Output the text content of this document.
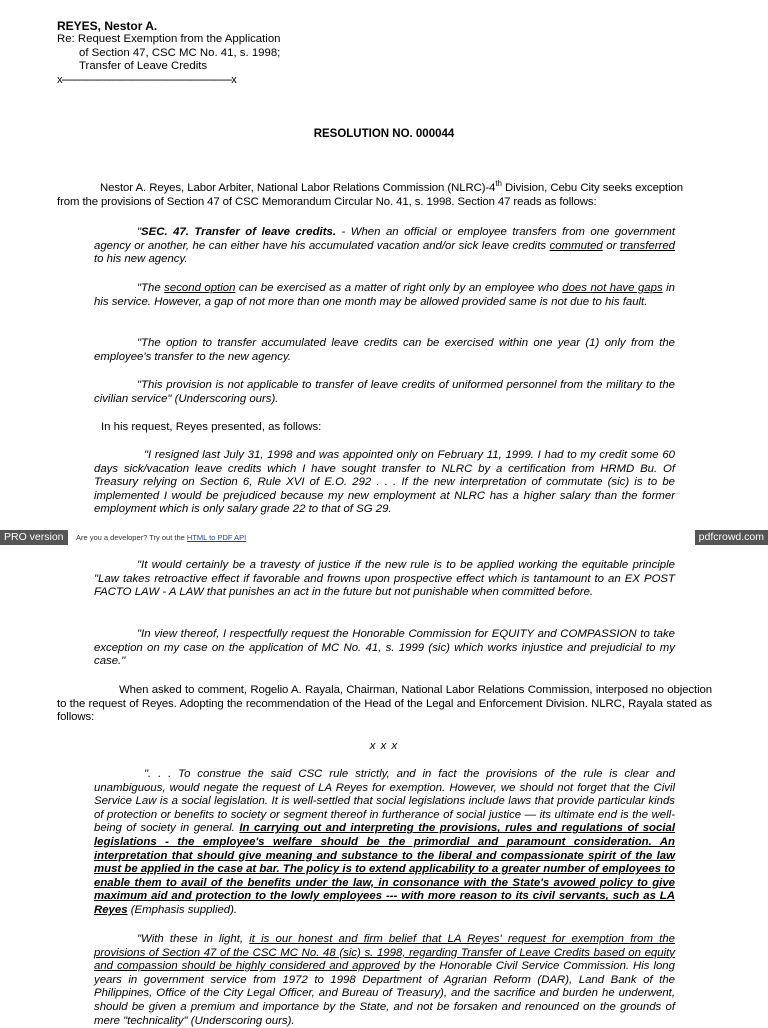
REYES, Nestor A.
Re: Request Exemption from the Application
of Section 47, CSC MC No. 41, s. 1998;
Transfer of Leave Credits
x-----------------------------------------------------------------x
RESOLUTION NO. 000044
Nestor A. Reyes, Labor Arbiter, National Labor Relations Commission (NLRC)-4th Division, Cebu City seeks exception from the provisions of Section 47 of CSC Memorandum Circular No. 41, s. 1998. Section 47 reads as follows:
"SEC. 47. Transfer of leave credits. - When an official or employee transfers from one government agency or another, he can either have his accumulated vacation and/or sick leave credits commuted or transferred to his new agency.
"The second option can be exercised as a matter of right only by an employee who does not have gaps in his service. However, a gap of not more than one month may be allowed provided same is not due to his fault.
"The option to transfer accumulated leave credits can be exercised within one year (1) only from the employee's transfer to the new agency.
"This provision is not applicable to transfer of leave credits of uniformed personnel from the military to the civilian service" (Underscoring ours).
In his request, Reyes presented, as follows:
"I resigned last July 31, 1998 and was appointed only on February 11, 1999. I had to my credit some 60 days sick/vacation leave credits which I have sought transfer to NLRC by a certification from HRMD Bu. Of Treasury relying on Section 6, Rule XVI of E.O. 292 . . . If the new interpretation of commutate (sic) is to be implemented I would be prejudiced because my new employment at NLRC has a higher salary than the former employment which is only salary grade 22 to that of SG 29.
PRO version	Are you a developer? Try out the HTML to PDF API	pdfcrowd.com
"It would certainly be a travesty of justice if the new rule is to be applied working the equitable principle "Law takes retroactive effect if favorable and frowns upon prospective effect which is tantamount to an EX POST FACTO LAW - A LAW that punishes an act in the future but not punishable when committed before.
"In view thereof, I respectfully request the Honorable Commission for EQUITY and COMPASSION to take exception on my case on the application of MC No. 41, s. 1999 (sic) which works injustice and prejudicial to my case."
When asked to comment, Rogelio A. Rayala, Chairman, National Labor Relations Commission, interposed no objection to the request of Reyes. Adopting the recommendation of the Head of the Legal and Enforcement Division. NLRC, Rayala stated as follows:
x x x
". . . To construe the said CSC rule strictly, and in fact the provisions of the rule is clear and unambiguous, would negate the request of LA Reyes for exemption. However, we should not forget that the Civil Service Law is a social legislation. It is well-settled that social legislations include laws that provide particular kinds of protection or benefits to society or segment thereof in furtherance of social justice — its ultimate end is the well-being of society in general. In carrying out and interpreting the provisions, rules and regulations of social legislations - the employee's welfare should be the primordial and paramount consideration. An interpretation that should give meaning and substance to the liberal and compassionate spirit of the law must be applied in the case at bar. The policy is to extend applicability to a greater number of employees to enable them to avail of the benefits under the law, in consonance with the State's avowed policy to give maximum aid and protection to the lowly employees --- with more reason to its civil servants, such as LA Reyes (Emphasis supplied).
"With these in light, it is our honest and firm belief that LA Reyes' request for exemption from the provisions of Section 47 of the CSC MC No. 48 (sic) s. 1998, regarding Transfer of Leave Credits based on equity and compassion should be highly considered and approved by the Honorable Civil Service Commission. His long years in government service from 1972 to 1998 Department of Agrarian Reform (DAR), Land Bank of the Philippines, Office of the City Legal Officer, and Bureau of Treasury), and the sacrifice and burden he underwent, should be given a premium and importance by the State, and not be forsaken and renounced on the grounds of mere "technicality" (Underscoring ours).
